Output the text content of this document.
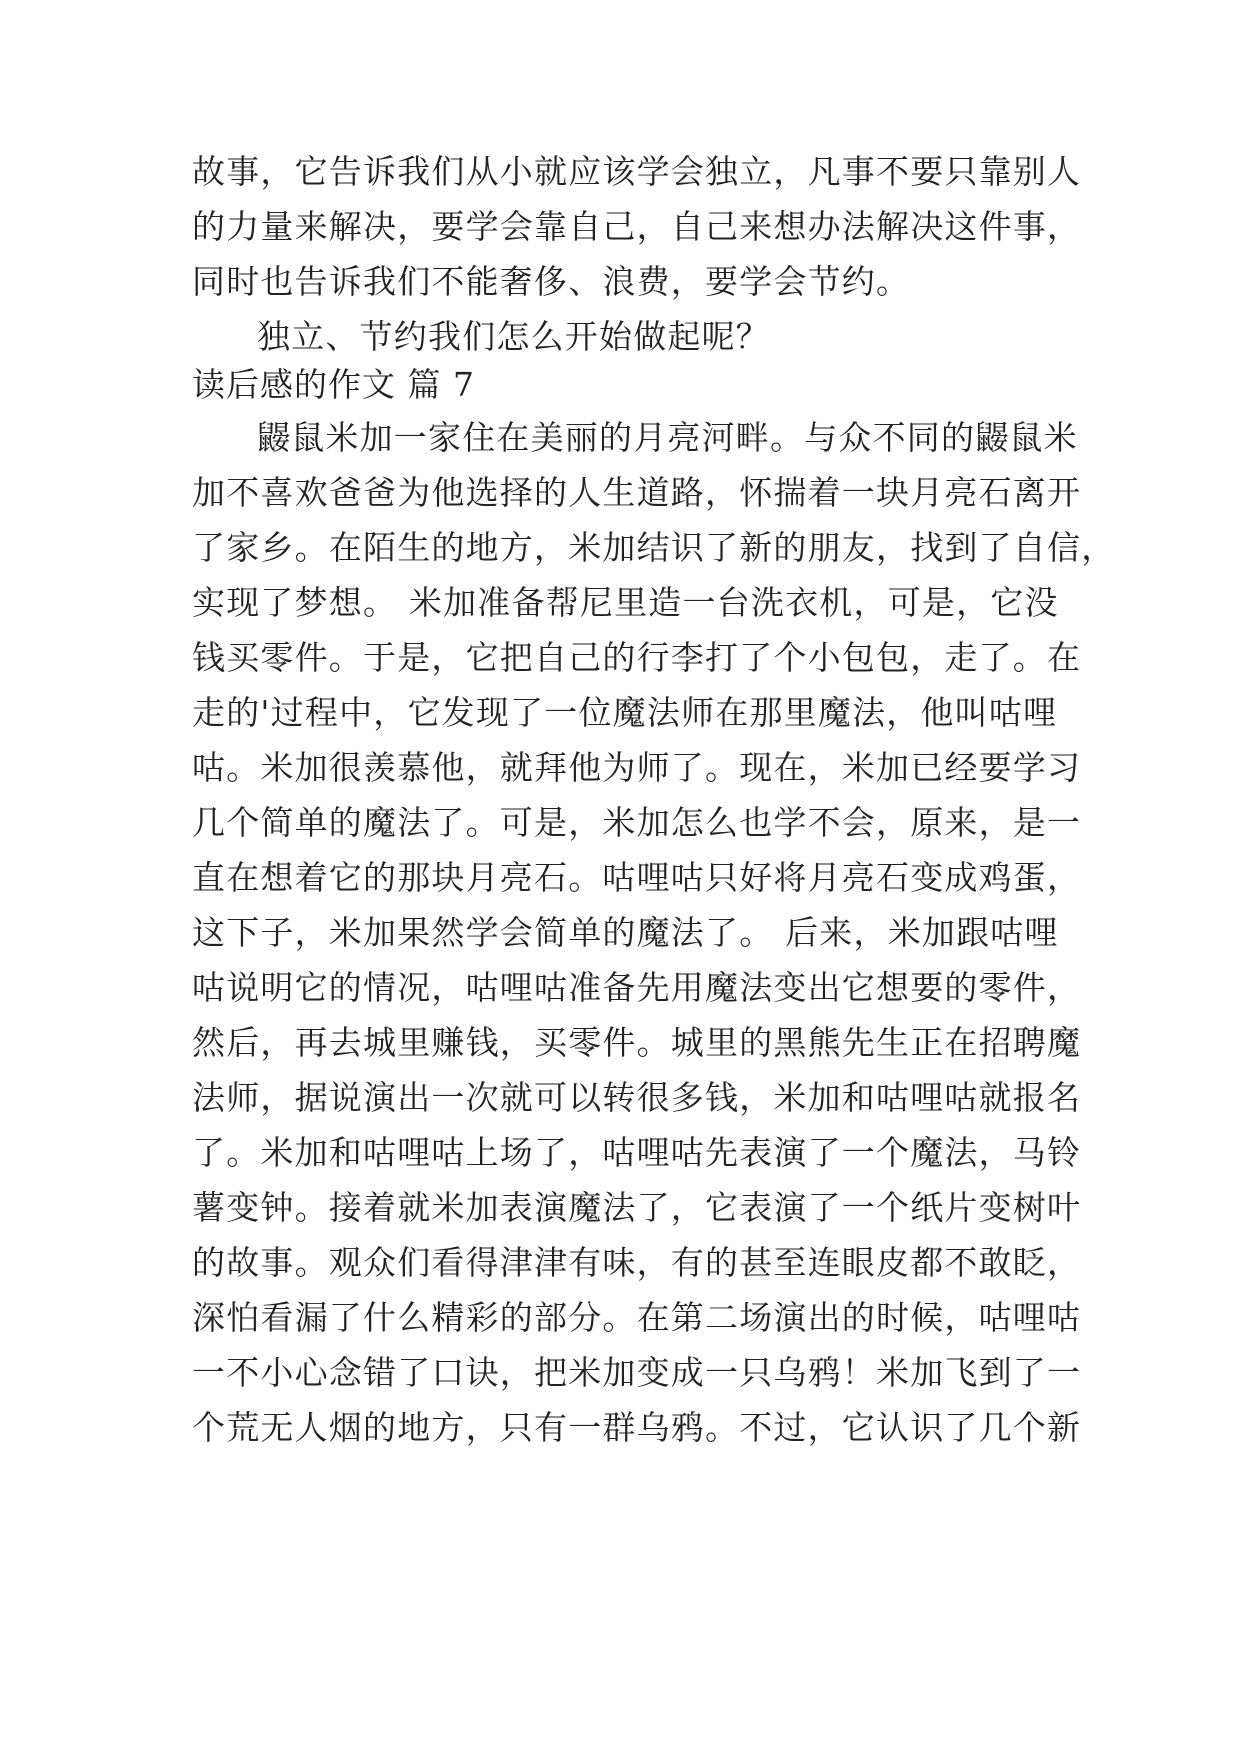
故事，它告诉我们从小就应该学会独立，凡事不要只靠别人
的力量来解决，要学会靠自己，自己来想办法解决这件事，
同时也告诉我们不能奢侈、浪费，要学会节约。
独立、节约我们怎么开始做起呢？
读后感的作文 篇 7
鼹鼠米加一家住在美丽的月亮河畔。与众不同的鼹鼠米
加不喜欢爸爸为他选择的人生道路，怀揣着一块月亮石离开
了家乡。在陌生的地方，米加结识了新的朋友，找到了自信，
实现了梦想。 米加准备帮尼里造一台洗衣机，可是，它没
钱买零件。于是，它把自己的行李打了个小包包，走了。在
走的'过程中，它发现了一位魔法师在那里魔法，他叫咕哩
咕。米加很羡慕他，就拜他为师了。现在，米加已经要学习
几个简单的魔法了。可是，米加怎么也学不会，原来，是一
直在想着它的那块月亮石。咕哩咕只好将月亮石变成鸡蛋，
这下子，米加果然学会简单的魔法了。 后来，米加跟咕哩
咕说明它的情况，咕哩咕准备先用魔法变出它想要的零件，
然后，再去城里赚钱，买零件。城里的黑熊先生正在招聘魔
法师，据说演出一次就可以转很多钱，米加和咕哩咕就报名
了。米加和咕哩咕上场了，咕哩咕先表演了一个魔法，马铃
薯变钟。接着就米加表演魔法了，它表演了一个纸片变树叶
的故事。观众们看得津津有味，有的甚至连眼皮都不敢眨，
深怕看漏了什么精彩的部分。在第二场演出的时候，咕哩咕
一不小心念错了口诀，把米加变成一只乌鸦！米加飞到了一
个荒无人烟的地方，只有一群乌鸦。不过，它认识了几个新
